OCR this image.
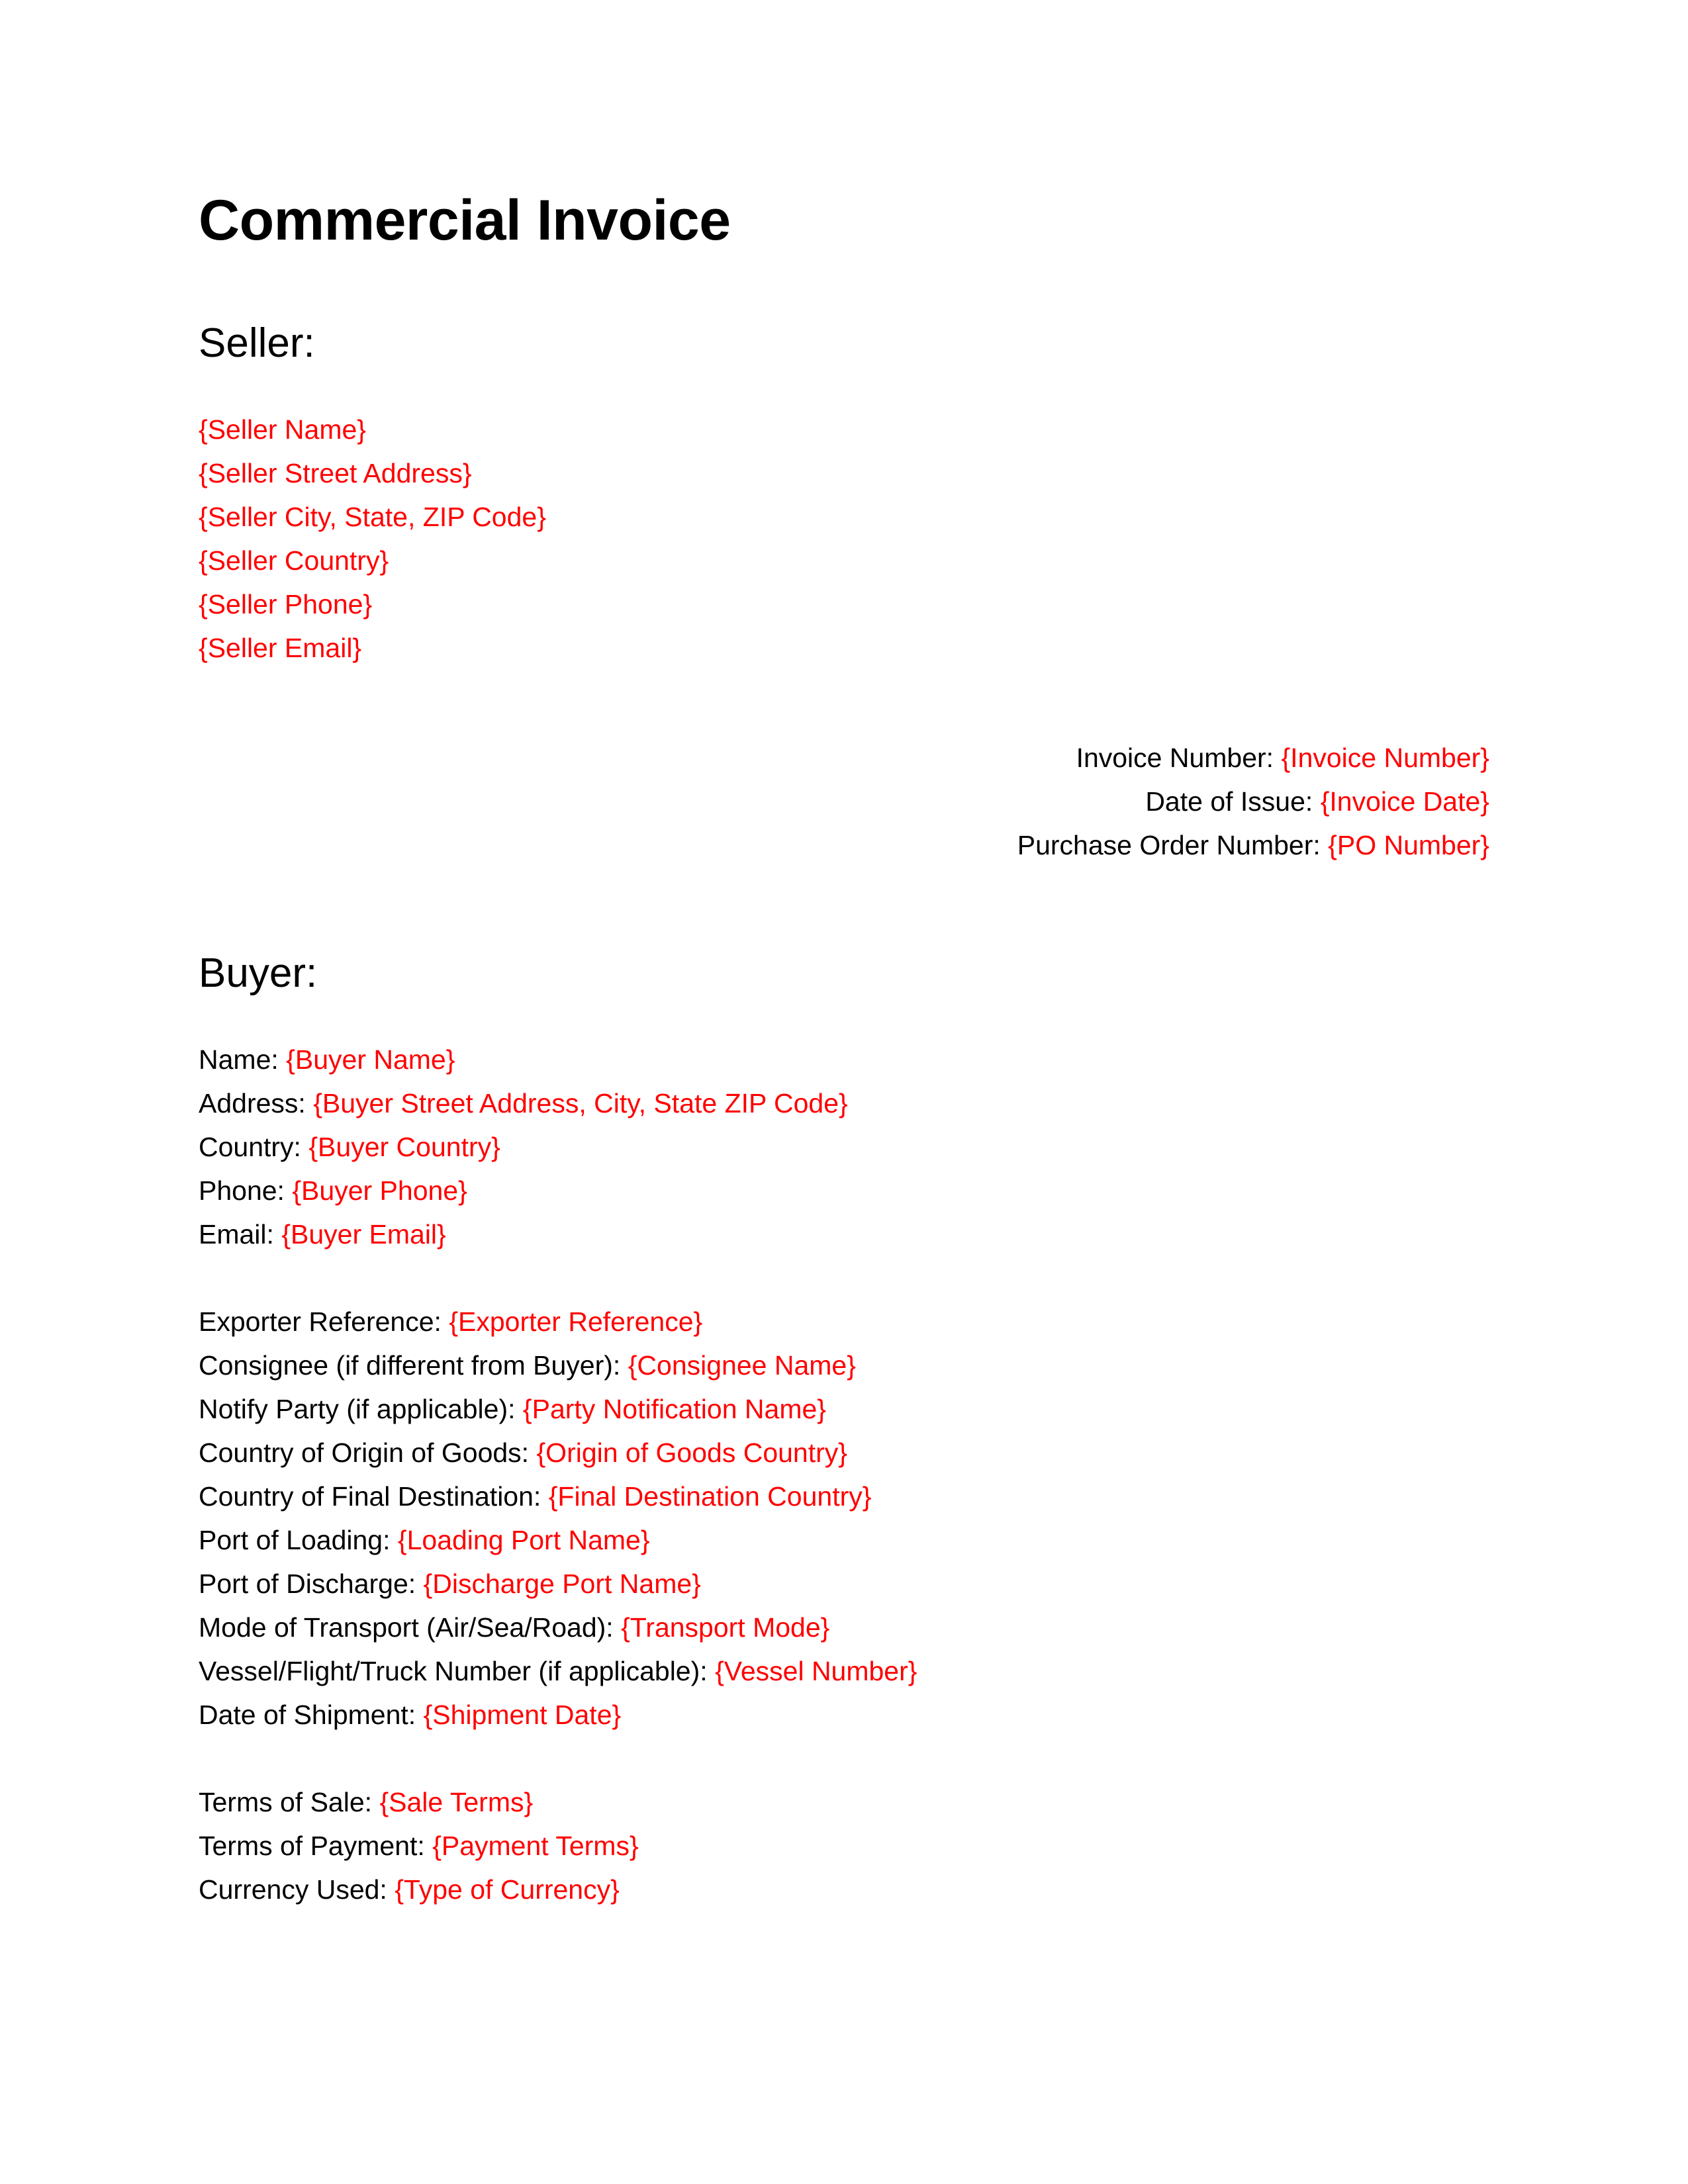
Commercial Invoice
Seller:
{Seller Name}
{Seller Street Address}
{Seller City, State, ZIP Code}
{Seller Country}
{Seller Phone}
{Seller Email}
Invoice Number: {Invoice Number}
Date of Issue: {Invoice Date}
Purchase Order Number: {PO Number}
Buyer:
Name: {Buyer Name}
Address: {Buyer Street Address, City, State ZIP Code}
Country: {Buyer Country}
Phone: {Buyer Phone}
Email: {Buyer Email}
Exporter Reference: {Exporter Reference}
Consignee (if different from Buyer): {Consignee Name}
Notify Party (if applicable): {Party Notification Name}
Country of Origin of Goods: {Origin of Goods Country}
Country of Final Destination: {Final Destination Country}
Port of Loading: {Loading Port Name}
Port of Discharge: {Discharge Port Name}
Mode of Transport (Air/Sea/Road): {Transport Mode}
Vessel/Flight/Truck Number (if applicable): {Vessel Number}
Date of Shipment: {Shipment Date}
Terms of Sale: {Sale Terms}
Terms of Payment: {Payment Terms}
Currency Used: {Type of Currency}
